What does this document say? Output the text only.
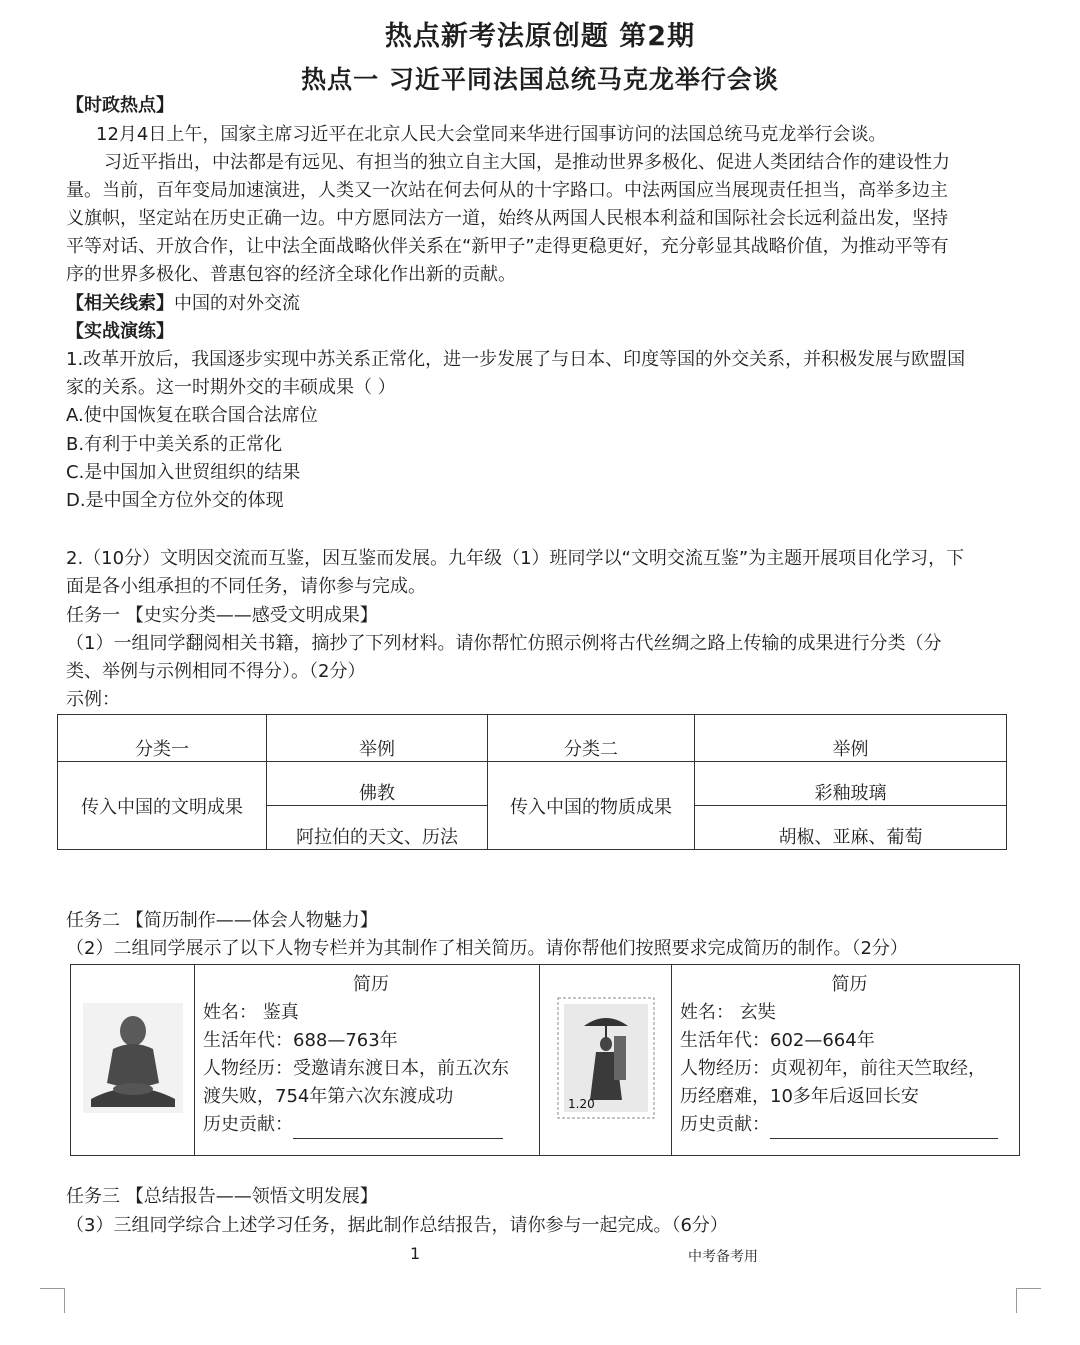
热点新考法原创题 第2期
热点一 习近平同法国总统马克龙举行会谈
【时政热点】
12月4日上午，国家主席习近平在北京人民大会堂同来华进行国事访问的法国总统马克龙举行会谈。
习近平指出，中法都是有远见、有担当的独立自主大国，是推动世界多极化、促进人类团结合作的建设性力
量。当前，百年变局加速演进，人类又一次站在何去何从的十字路口。中法两国应当展现责任担当，高举多边主
义旗帜，坚定站在历史正确一边。中方愿同法方一道，始终从两国人民根本利益和国际社会长远利益出发，坚持
平等对话、开放合作，让中法全面战略伙伴关系在“新甲子”走得更稳更好，充分彰显其战略价值，为推动平等有
序的世界多极化、普惠包容的经济全球化作出新的贡献。
【相关线索】中国的对外交流
【实战演练】
1.改革开放后，我国逐步实现中苏关系正常化，进一步发展了与日本、印度等国的外交关系，并积极发展与欧盟国
家的关系。这一时期外交的丰硕成果（ ）
A.使中国恢复在联合国合法席位
B.有利于中美关系的正常化
C.是中国加入世贸组织的结果
D.是中国全方位外交的体现
2.（10分）文明因交流而互鉴，因互鉴而发展。九年级（1）班同学以“文明交流互鉴”为主题开展项目化学习，下
面是各小组承担的不同任务，请你参与完成。
任务一 【史实分类——感受文明成果】
（1）一组同学翻阅相关书籍，摘抄了下列材料。请你帮忙仿照示例将古代丝绸之路上传输的成果进行分类（分
类、举例与示例相同不得分）。（2分）
示例：
分类一	举例	分类二	举例
传入中国的文明成果	佛教	传入中国的物质成果	彩釉玻璃
	阿拉伯的天文、历法		胡椒、亚麻、葡萄
任务二 【简历制作——体会人物魅力】
（2）二组同学展示了以下人物专栏并为其制作了相关简历。请你帮他们按照要求完成简历的制作。（2分）

简历
姓名： 鉴真
生活年代：688—763年
人物经历：受邀请东渡日本，前五次东
渡失败，754年第六次东渡成功
历史贡献：

1.20

简历
姓名： 玄奘
生活年代：602—664年
人物经历：贞观初年，前往天竺取经，
历经磨难，10多年后返回长安
历史贡献：
任务三 【总结报告——领悟文明发展】
（3）三组同学综合上述学习任务，据此制作总结报告，请你参与一起完成。（6分）
1	中考备考用
